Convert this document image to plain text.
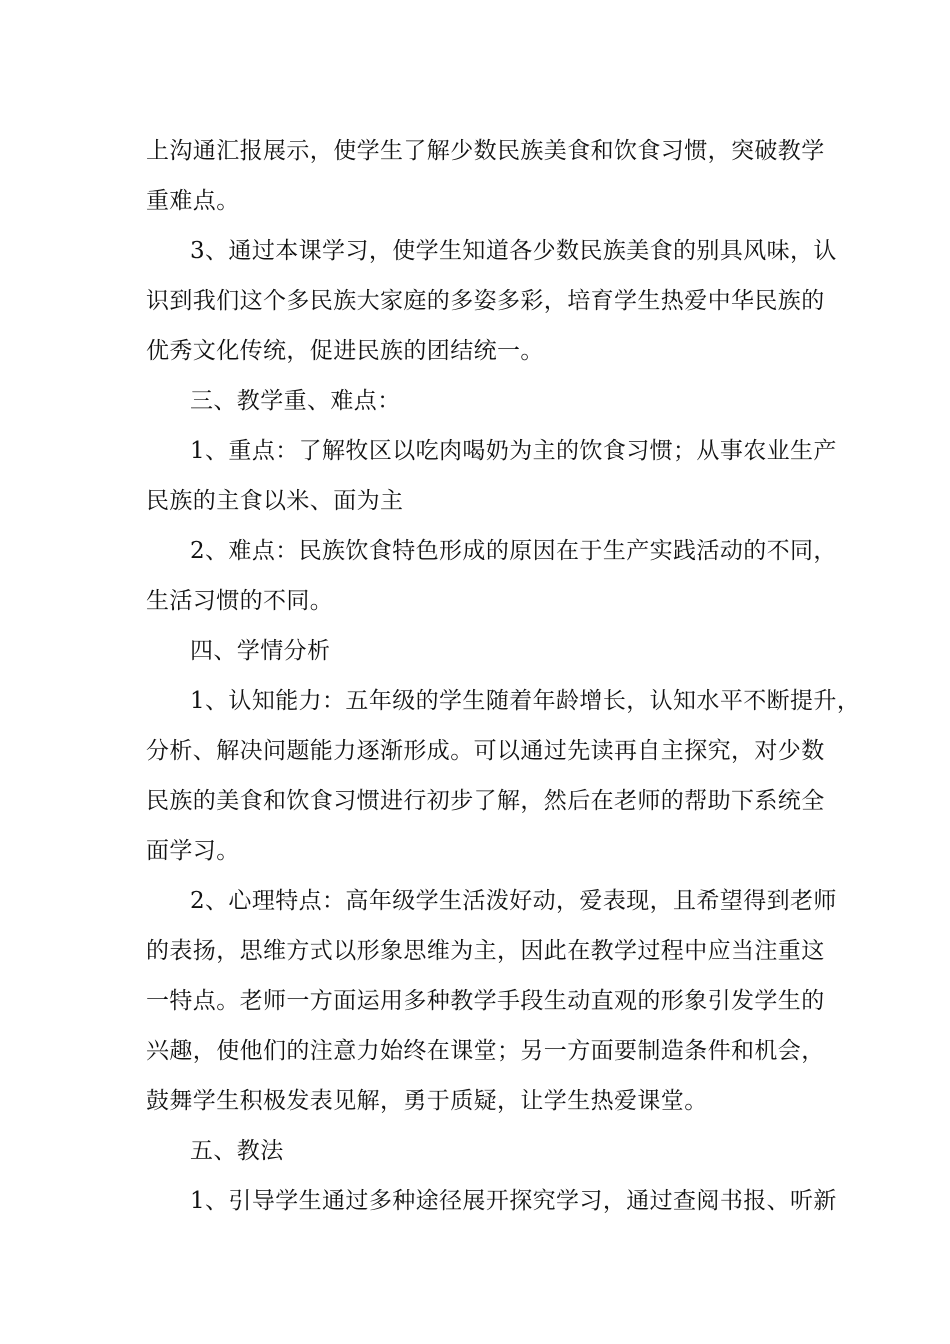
上沟通汇报展示，使学生了解少数民族美食和饮食习惯，突破教学
重难点。
3、通过本课学习，使学生知道各少数民族美食的别具风味，认
识到我们这个多民族大家庭的多姿多彩，培育学生热爱中华民族的
优秀文化传统，促进民族的团结统一。
三、教学重、难点：
1、重点：了解牧区以吃肉喝奶为主的饮食习惯；从事农业生产
民族的主食以米、面为主
2、难点：民族饮食特色形成的原因在于生产实践活动的不同，
生活习惯的不同。
四、学情分析
1、认知能力：五年级的学生随着年龄增长，认知水平不断提升，
分析、解决问题能力逐渐形成。可以通过先读再自主探究，对少数
民族的美食和饮食习惯进行初步了解，然后在老师的帮助下系统全
面学习。
2、心理特点：高年级学生活泼好动，爱表现，且希望得到老师
的表扬，思维方式以形象思维为主，因此在教学过程中应当注重这
一特点。老师一方面运用多种教学手段生动直观的形象引发学生的
兴趣，使他们的注意力始终在课堂；另一方面要制造条件和机会，
鼓舞学生积极发表见解，勇于质疑，让学生热爱课堂。
五、教法
1、引导学生通过多种途径展开探究学习，通过查阅书报、听新
